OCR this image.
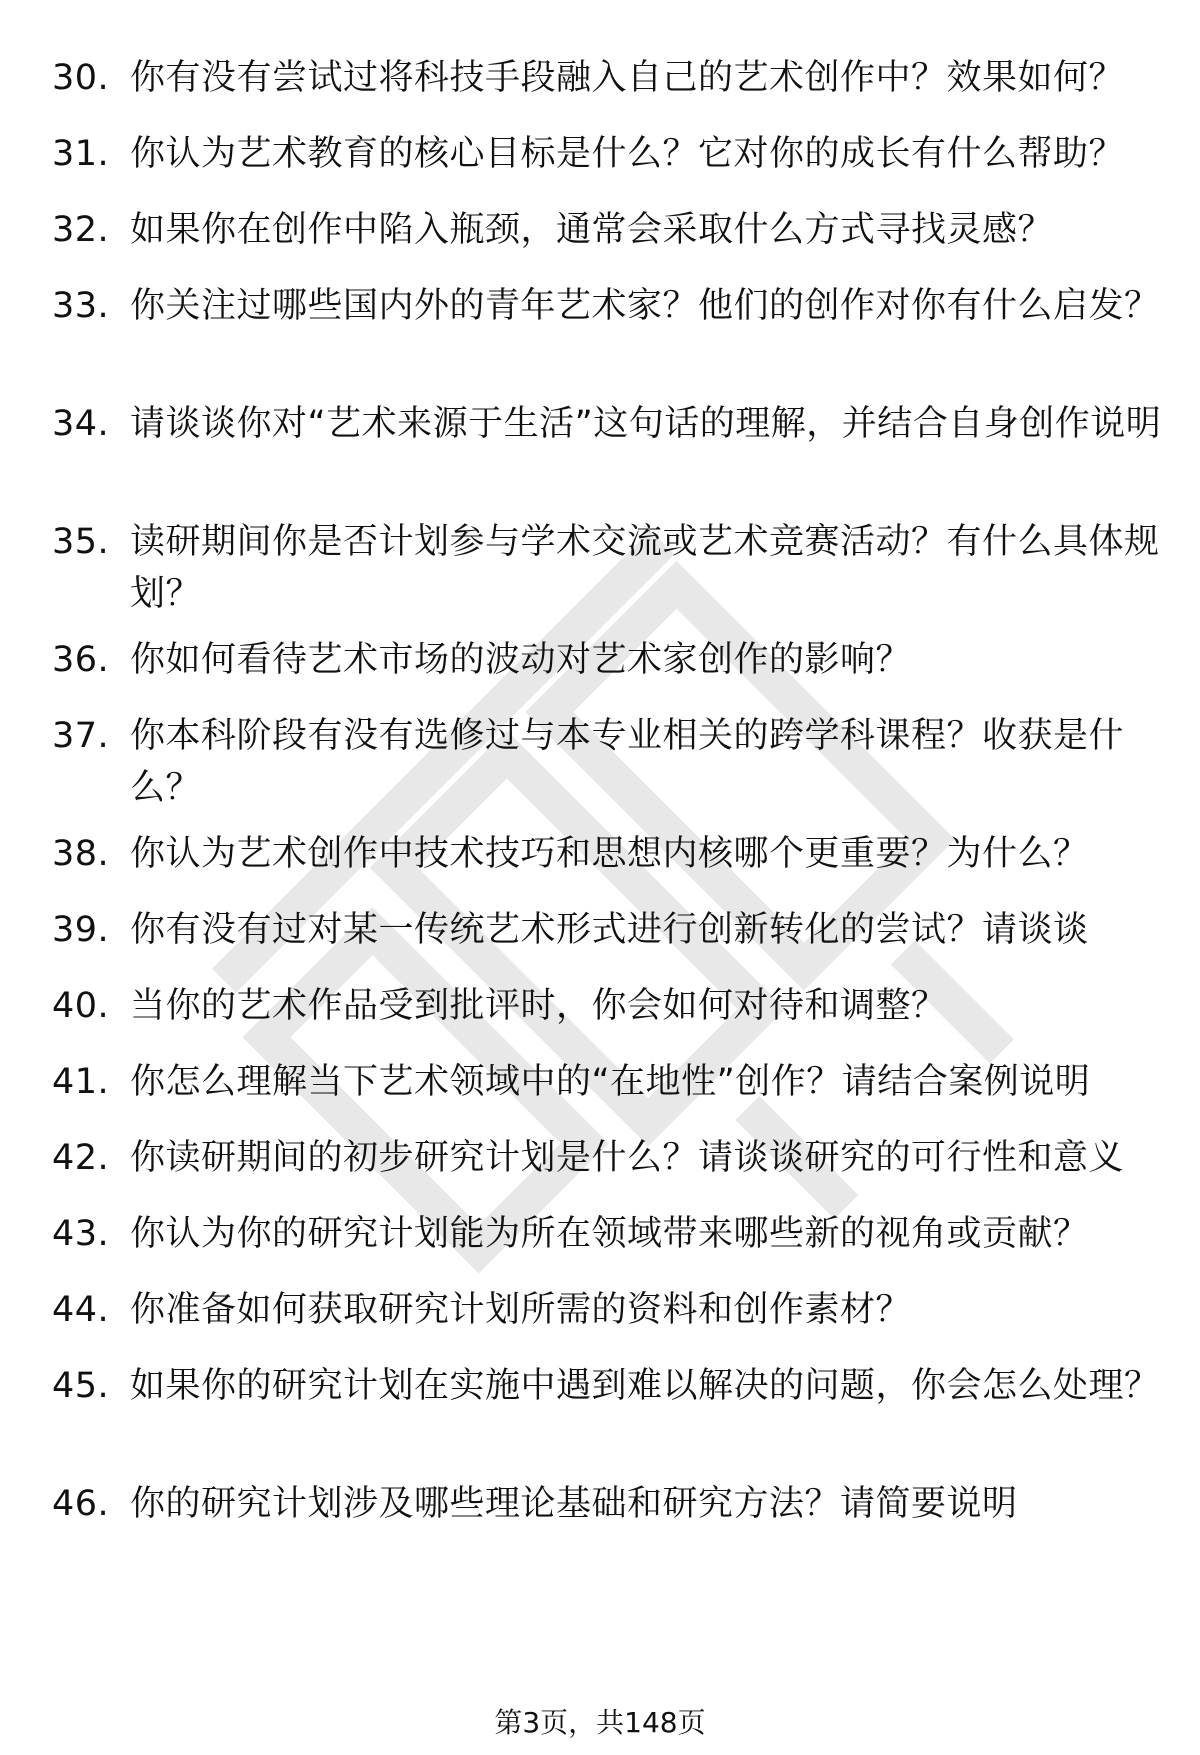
30. 你有没有尝试过将科技手段融入自己的艺术创作中？效果如何？
31. 你认为艺术教育的核心目标是什么？它对你的成长有什么帮助？
32. 如果你在创作中陷入瓶颈，通常会采取什么方式寻找灵感？
33. 你关注过哪些国内外的青年艺术家？他们的创作对你有什么启发？
34. 请谈谈你对“艺术来源于生活”这句话的理解，并结合自身创作说明
35. 读研期间你是否计划参与学术交流或艺术竞赛活动？有什么具体规划？
36. 你如何看待艺术市场的波动对艺术家创作的影响？
37. 你本科阶段有没有选修过与本专业相关的跨学科课程？收获是什么？
38. 你认为艺术创作中技术技巧和思想内核哪个更重要？为什么？
39. 你有没有过对某一传统艺术形式进行创新转化的尝试？请谈谈
40. 当你的艺术作品受到批评时，你会如何对待和调整？
41. 你怎么理解当下艺术领域中的“在地性”创作？请结合案例说明
42. 你读研期间的初步研究计划是什么？请谈谈研究的可行性和意义
43. 你认为你的研究计划能为所在领域带来哪些新的视角或贡献？
44. 你准备如何获取研究计划所需的资料和创作素材？
45. 如果你的研究计划在实施中遇到难以解决的问题，你会怎么处理？
46. 你的研究计划涉及哪些理论基础和研究方法？请简要说明
第3页，共148页
